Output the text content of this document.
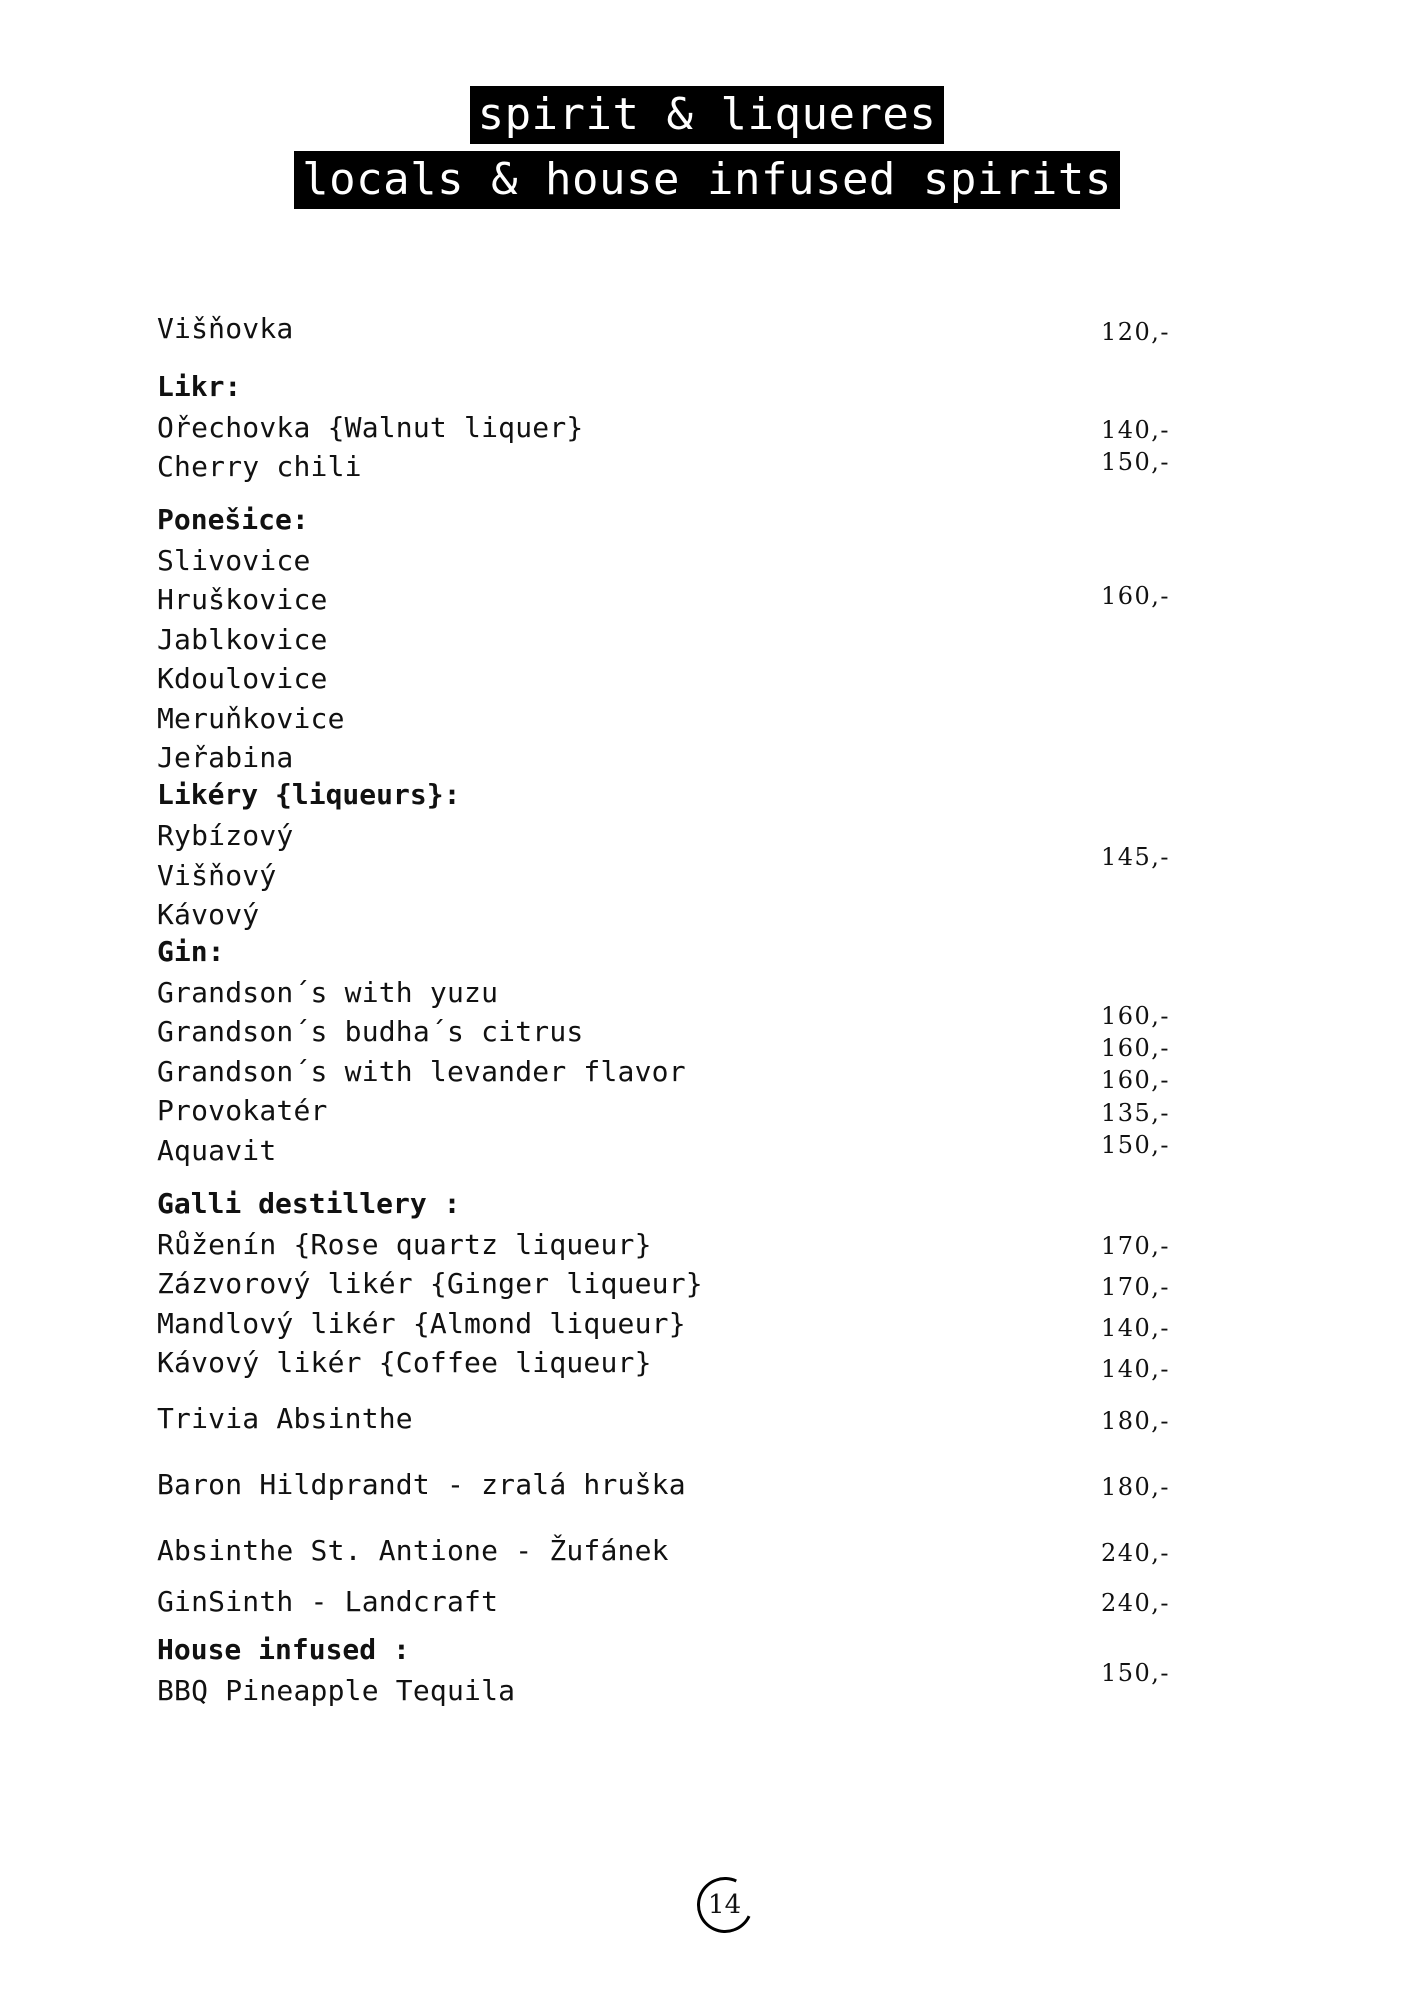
spirit & liqueres
locals & house infused spirits
Višňovka
Likr:
Ořechovka {Walnut liquer}
Cherry chili
Ponešice:
Slivovice
Hruškovice
Jablkovice
Kdoulovice
Meruňkovice
Jeřabina
Likéry {liqueurs}:
Rybízový
Višňový
Kávový
Gin:
Grandson´s with yuzu
Grandson´s budha´s citrus
Grandson´s with levander flavor
Provokatér
Aquavit
Galli destillery :
Růženín {Rose quartz liqueur}
Zázvorový likér {Ginger liqueur}
Mandlový likér {Almond liqueur}
Kávový likér {Coffee liqueur}
Trivia Absinthe
Baron Hildprandt - zralá hruška
Absinthe St. Antione - Žufánek
GinSinth - Landcraft
House infused :
BBQ Pineapple Tequila
120,-
140,-
150,-
160,-
145,-
160,-
160,-
160,-
135,-
150,-
170,-
170,-
140,-
140,-
180,-
180,-
240,-
240,-
150,-
14
